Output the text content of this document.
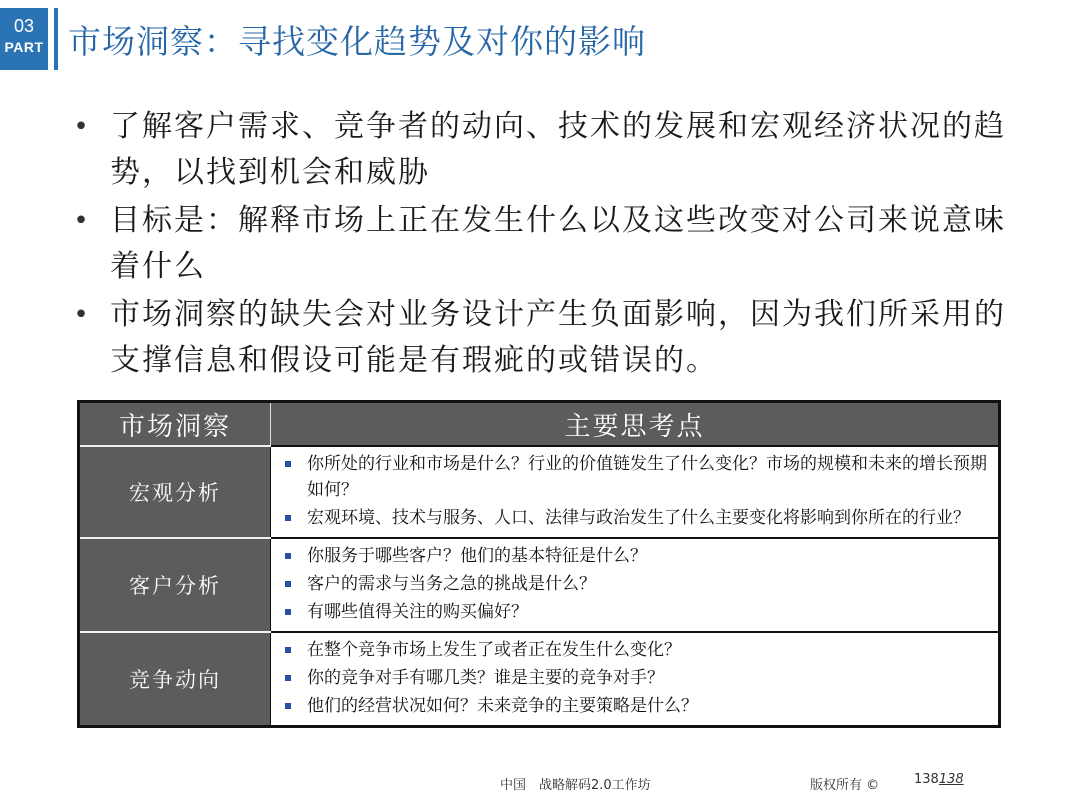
03
PART 市场洞察：寻找变化趋势及对你的影响
• 了解客户需求、竞争者的动向、技术的发展和宏观经济状况的趋势，以找到机会和威胁
• 目标是：解释市场上正在发生什么以及这些改变对公司来说意味着什么
• 市场洞察的缺失会对业务设计产生负面影响，因为我们所采用的支撑信息和假设可能是有瑕疵的或错误的。
市场洞察	主要思考点
宏观分析	你所处的行业和市场是什么？行业的价值链发生了什么变化？市场的规模和未来的增长预期如何？
宏观环境、技术与服务、人口、法律与政治发生了什么主要变化将影响到你所在的行业？

客户分析	你服务于哪些客户？他们的基本特征是什么？
客户的需求与当务之急的挑战是什么？
有哪些值得关注的购买偏好？

竞争动向	在整个竞争市场上发生了或者正在发生什么变化？
你的竞争对手有哪几类？谁是主要的竞争对手？
他们的经营状况如何？未来竞争的主要策略是什么？
中国　战略解码2.0工作坊	版权所有 ©	138138
